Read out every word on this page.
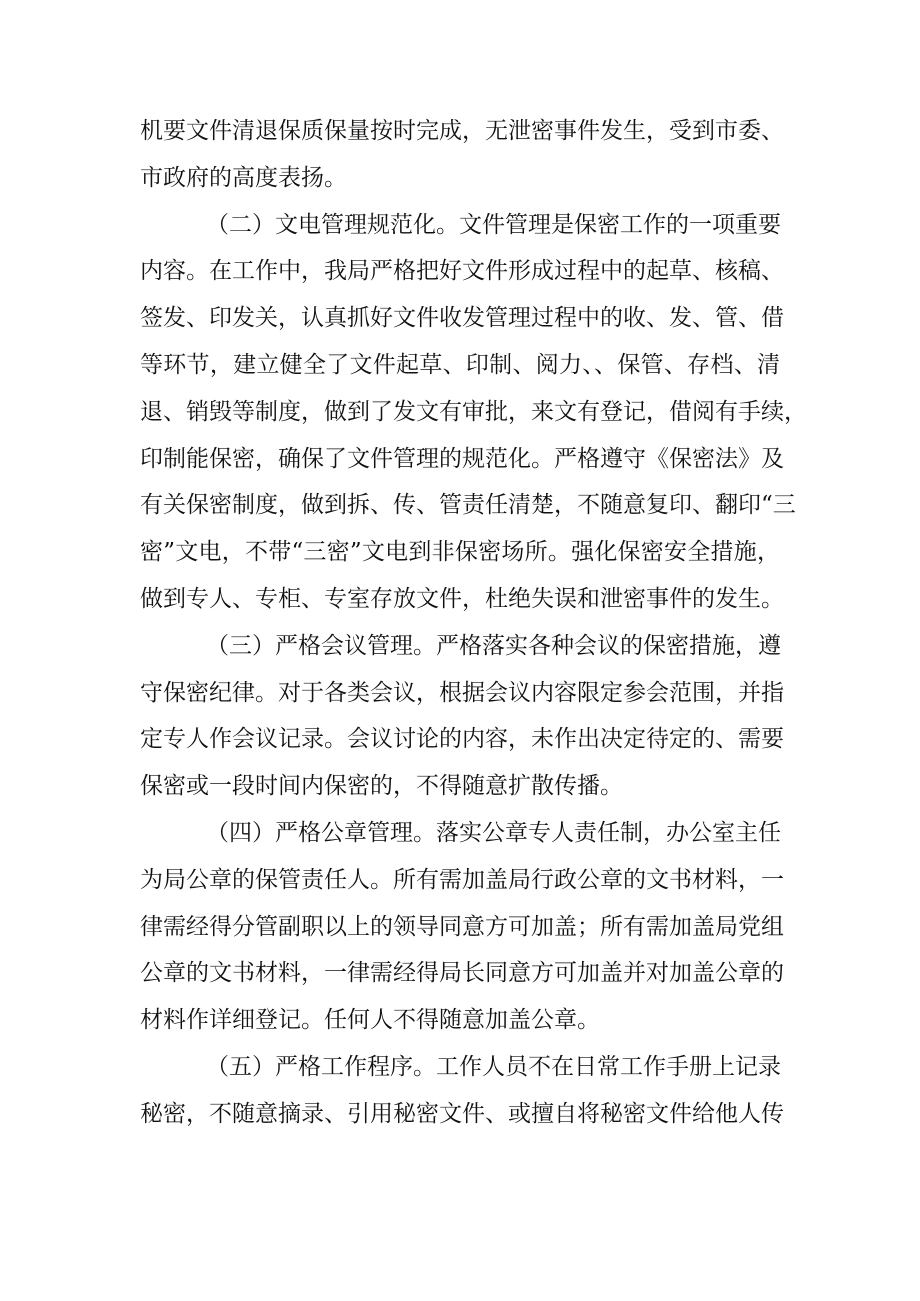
机要文件清退保质保量按时完成，无泄密事件发生，受到市委、
市政府的高度表扬。
（二）文电管理规范化。文件管理是保密工作的一项重要
内容。在工作中，我局严格把好文件形成过程中的起草、核稿、
签发、印发关，认真抓好文件收发管理过程中的收、发、管、借
等环节，建立健全了文件起草、印制、阅力、、保管、存档、清
退、销毁等制度，做到了发文有审批，来文有登记，借阅有手续，
印制能保密，确保了文件管理的规范化。严格遵守《保密法》及
有关保密制度，做到拆、传、管责任清楚，不随意复印、翻印“三
密”文电，不带“三密”文电到非保密场所。强化保密安全措施，
做到专人、专柜、专室存放文件，杜绝失误和泄密事件的发生。
（三）严格会议管理。严格落实各种会议的保密措施，遵
守保密纪律。对于各类会议，根据会议内容限定参会范围，并指
定专人作会议记录。会议讨论的内容，未作出决定待定的、需要
保密或一段时间内保密的，不得随意扩散传播。
（四）严格公章管理。落实公章专人责任制，办公室主任
为局公章的保管责任人。所有需加盖局行政公章的文书材料，一
律需经得分管副职以上的领导同意方可加盖；所有需加盖局党组
公章的文书材料，一律需经得局长同意方可加盖并对加盖公章的
材料作详细登记。任何人不得随意加盖公章。
（五）严格工作程序。工作人员不在日常工作手册上记录
秘密，不随意摘录、引用秘密文件、或擅自将秘密文件给他人传
